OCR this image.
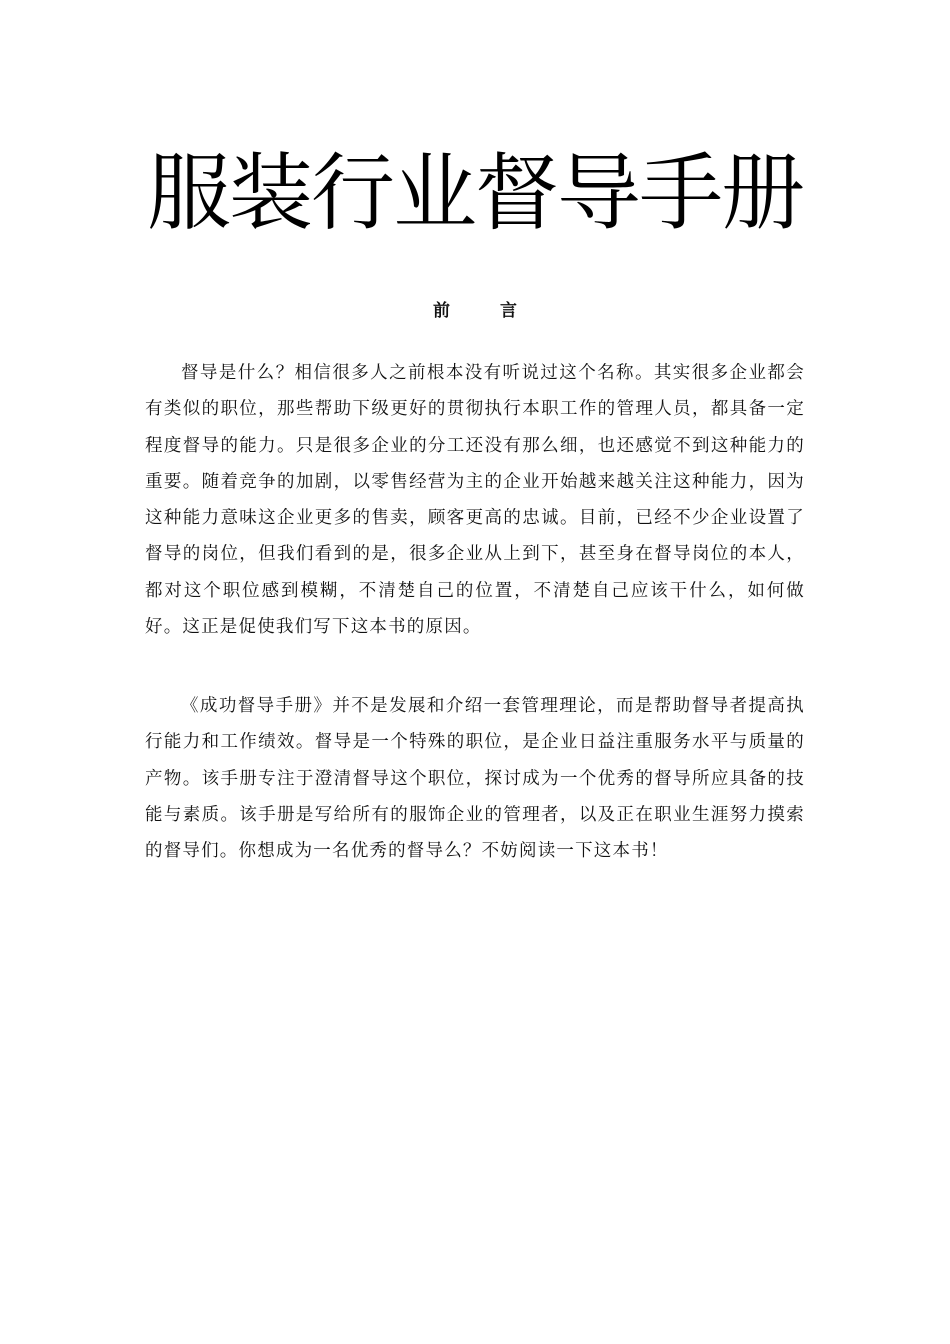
服装行业督导手册
前 言

督导是什么？相信很多人之前根本没有听说过这个名称。其实很多企业都会有类似的职位，那些帮助下级更好的贯彻执行本职工作的管理人员，都具备一定程度督导的能力。只是很多企业的分工还没有那么细，也还感觉不到这种能力的重要。随着竞争的加剧，以零售经营为主的企业开始越来越关注这种能力，因为这种能力意味这企业更多的售卖，顾客更高的忠诚。目前，已经不少企业设置了督导的岗位，但我们看到的是，很多企业从上到下，甚至身在督导岗位的本人，都对这个职位感到模糊，不清楚自己的位置，不清楚自己应该干什么，如何做好。这正是促使我们写下这本书的原因。

《成功督导手册》并不是发展和介绍一套管理理论，而是帮助督导者提高执行能力和工作绩效。督导是一个特殊的职位，是企业日益注重服务水平与质量的产物。该手册专注于澄清督导这个职位，探讨成为一个优秀的督导所应具备的技能与素质。该手册是写给所有的服饰企业的管理者，以及正在职业生涯努力摸索的督导们。你想成为一名优秀的督导么？不妨阅读一下这本书！
